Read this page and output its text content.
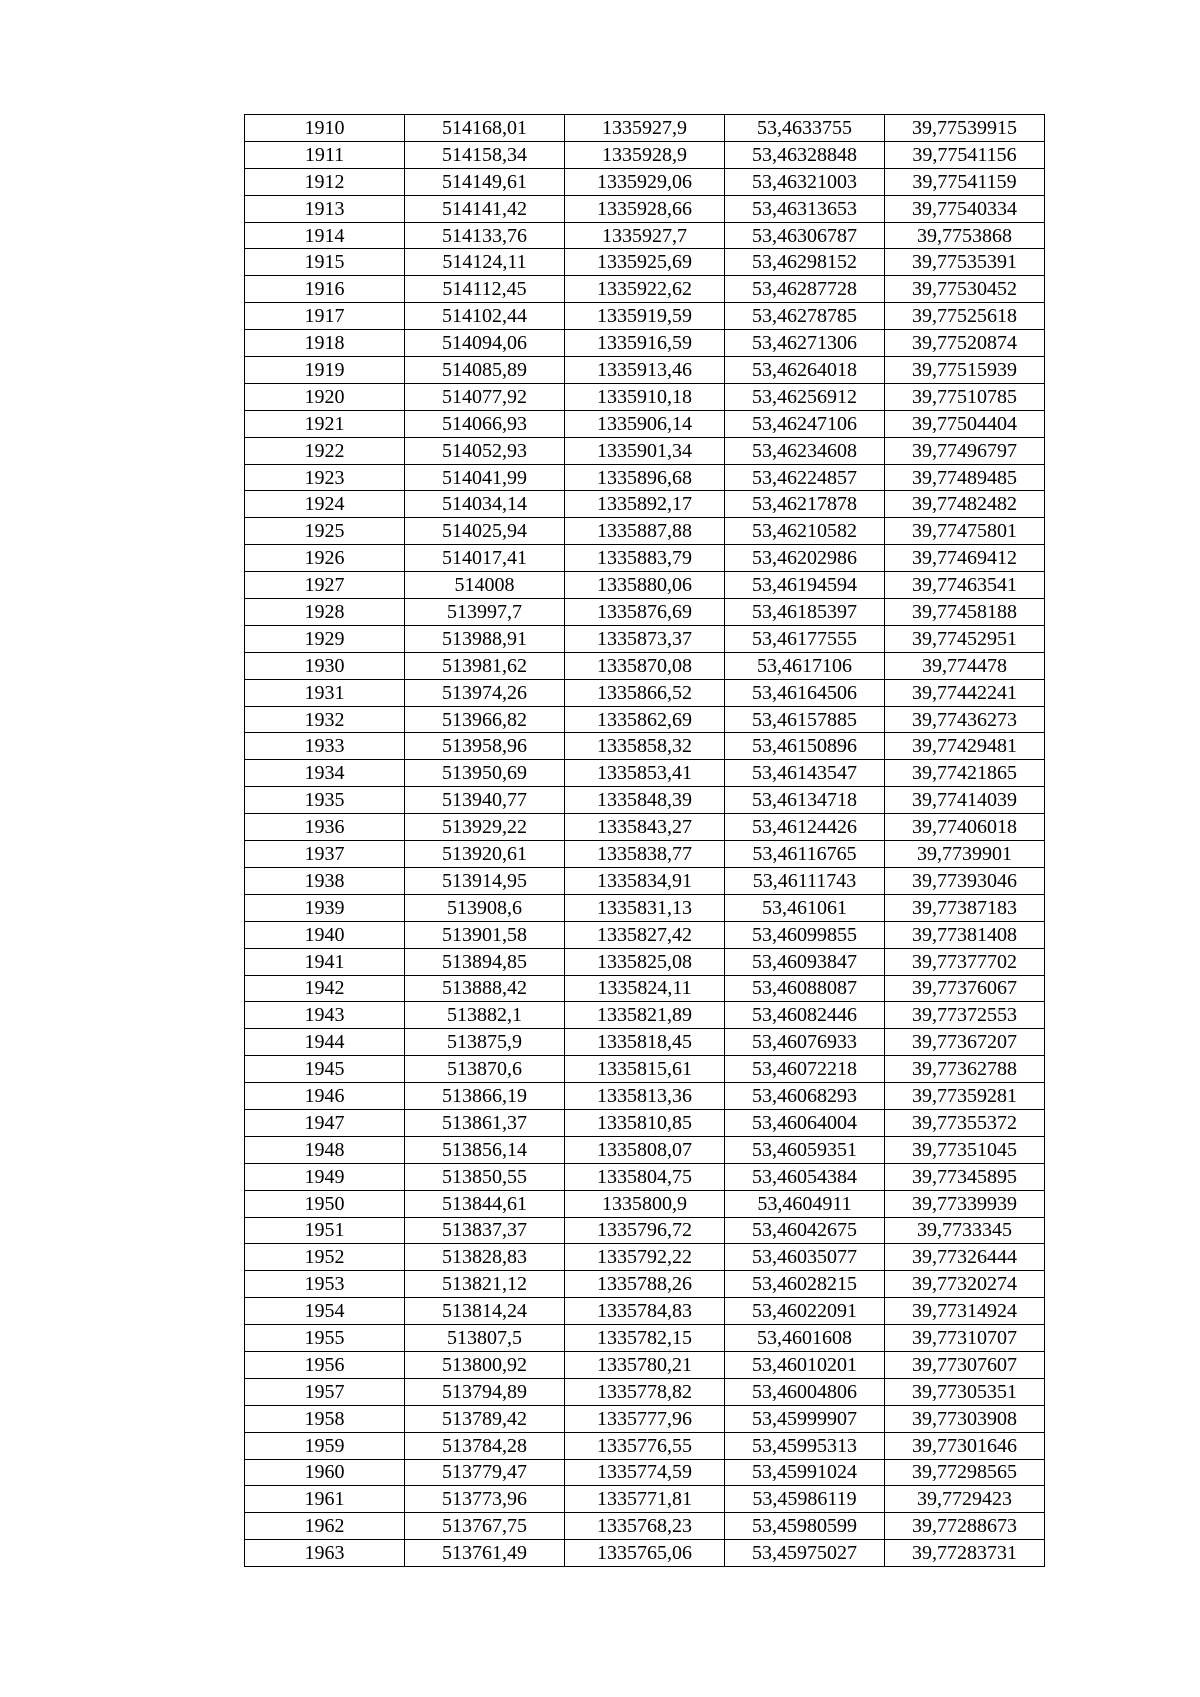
1910	514168,01	1335927,9	53,4633755	39,77539915
1911	514158,34	1335928,9	53,46328848	39,77541156
1912	514149,61	1335929,06	53,46321003	39,77541159
1913	514141,42	1335928,66	53,46313653	39,77540334
1914	514133,76	1335927,7	53,46306787	39,7753868
1915	514124,11	1335925,69	53,46298152	39,77535391
1916	514112,45	1335922,62	53,46287728	39,77530452
1917	514102,44	1335919,59	53,46278785	39,77525618
1918	514094,06	1335916,59	53,46271306	39,77520874
1919	514085,89	1335913,46	53,46264018	39,77515939
1920	514077,92	1335910,18	53,46256912	39,77510785
1921	514066,93	1335906,14	53,46247106	39,77504404
1922	514052,93	1335901,34	53,46234608	39,77496797
1923	514041,99	1335896,68	53,46224857	39,77489485
1924	514034,14	1335892,17	53,46217878	39,77482482
1925	514025,94	1335887,88	53,46210582	39,77475801
1926	514017,41	1335883,79	53,46202986	39,77469412
1927	514008	1335880,06	53,46194594	39,77463541
1928	513997,7	1335876,69	53,46185397	39,77458188
1929	513988,91	1335873,37	53,46177555	39,77452951
1930	513981,62	1335870,08	53,4617106	39,774478
1931	513974,26	1335866,52	53,46164506	39,77442241
1932	513966,82	1335862,69	53,46157885	39,77436273
1933	513958,96	1335858,32	53,46150896	39,77429481
1934	513950,69	1335853,41	53,46143547	39,77421865
1935	513940,77	1335848,39	53,46134718	39,77414039
1936	513929,22	1335843,27	53,46124426	39,77406018
1937	513920,61	1335838,77	53,46116765	39,7739901
1938	513914,95	1335834,91	53,46111743	39,77393046
1939	513908,6	1335831,13	53,461061	39,77387183
1940	513901,58	1335827,42	53,46099855	39,77381408
1941	513894,85	1335825,08	53,46093847	39,77377702
1942	513888,42	1335824,11	53,46088087	39,77376067
1943	513882,1	1335821,89	53,46082446	39,77372553
1944	513875,9	1335818,45	53,46076933	39,77367207
1945	513870,6	1335815,61	53,46072218	39,77362788
1946	513866,19	1335813,36	53,46068293	39,77359281
1947	513861,37	1335810,85	53,46064004	39,77355372
1948	513856,14	1335808,07	53,46059351	39,77351045
1949	513850,55	1335804,75	53,46054384	39,77345895
1950	513844,61	1335800,9	53,4604911	39,77339939
1951	513837,37	1335796,72	53,46042675	39,7733345
1952	513828,83	1335792,22	53,46035077	39,77326444
1953	513821,12	1335788,26	53,46028215	39,77320274
1954	513814,24	1335784,83	53,46022091	39,77314924
1955	513807,5	1335782,15	53,4601608	39,77310707
1956	513800,92	1335780,21	53,46010201	39,77307607
1957	513794,89	1335778,82	53,46004806	39,77305351
1958	513789,42	1335777,96	53,45999907	39,77303908
1959	513784,28	1335776,55	53,45995313	39,77301646
1960	513779,47	1335774,59	53,45991024	39,77298565
1961	513773,96	1335771,81	53,45986119	39,7729423
1962	513767,75	1335768,23	53,45980599	39,77288673
1963	513761,49	1335765,06	53,45975027	39,77283731
